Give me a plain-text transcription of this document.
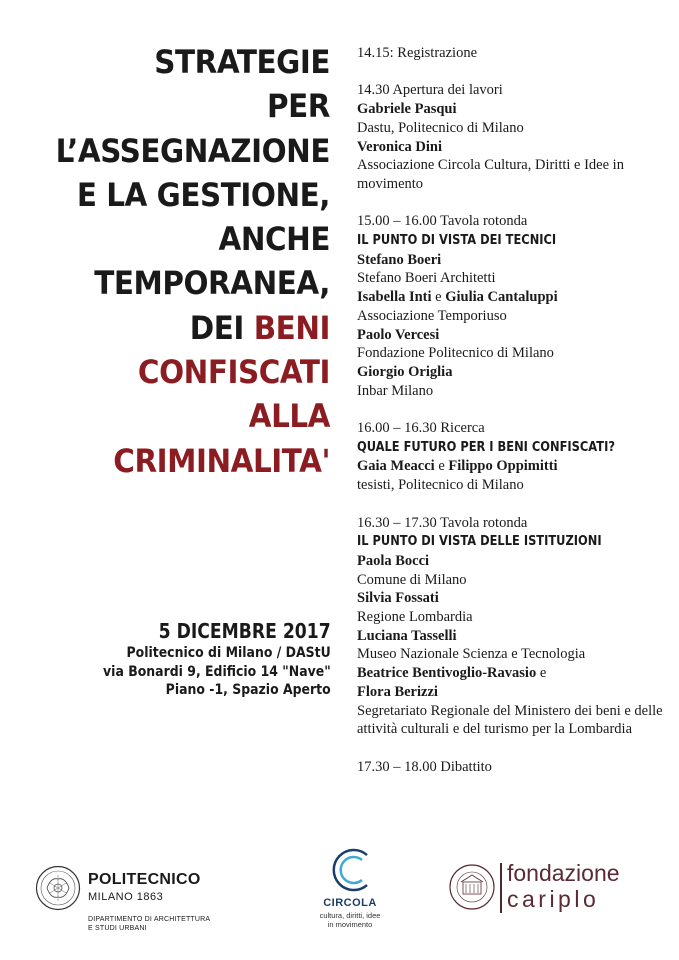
STRATEGIE
PER
L’ASSEGNAZIONE
E LA GESTIONE,
ANCHE
TEMPORANEA,
DEI BENI
CONFISCATI
ALLA
CRIMINALITA'
5 DICEMBRE 2017
Politecnico di Milano / DAStU
via Bonardi 9, Edificio 14 "Nave"
Piano -1, Spazio Aperto
14.15: Registrazione
14.30 Apertura dei lavori
Gabriele Pasqui
Dastu, Politecnico di Milano
Veronica Dini
Associazione Circola Cultura, Diritti e Idee in movimento
15.00 – 16.00 Tavola rotonda
IL PUNTO DI VISTA DEI TECNICI
Stefano Boeri
Stefano Boeri Architetti
Isabella Inti e Giulia Cantaluppi
Associazione Temporiuso
Paolo Vercesi
Fondazione Politecnico di Milano
Giorgio Origlia
Inbar Milano
16.00 – 16.30 Ricerca
QUALE FUTURO PER I BENI CONFISCATI?
Gaia Meacci e Filippo Oppimitti
tesisti, Politecnico di Milano
16.30 – 17.30 Tavola rotonda
IL PUNTO DI VISTA DELLE ISTITUZIONI
Paola Bocci
Comune di Milano
Silvia Fossati
Regione Lombardia
Luciana Tasselli
Museo Nazionale Scienza e Tecnologia
Beatrice Bentivoglio-Ravasio e
Flora Berizzi
Segretariato Regionale del Ministero dei beni e delle attività culturali e del turismo per la Lombardia
17.30 – 18.00 Dibattito
POLITECNICO
MILANO 1863
DIPARTIMENTO DI ARCHITETTURA
E STUDI URBANI
CIRCOLA
cultura, diritti, idee
in movimento
fondazione
cariplo
